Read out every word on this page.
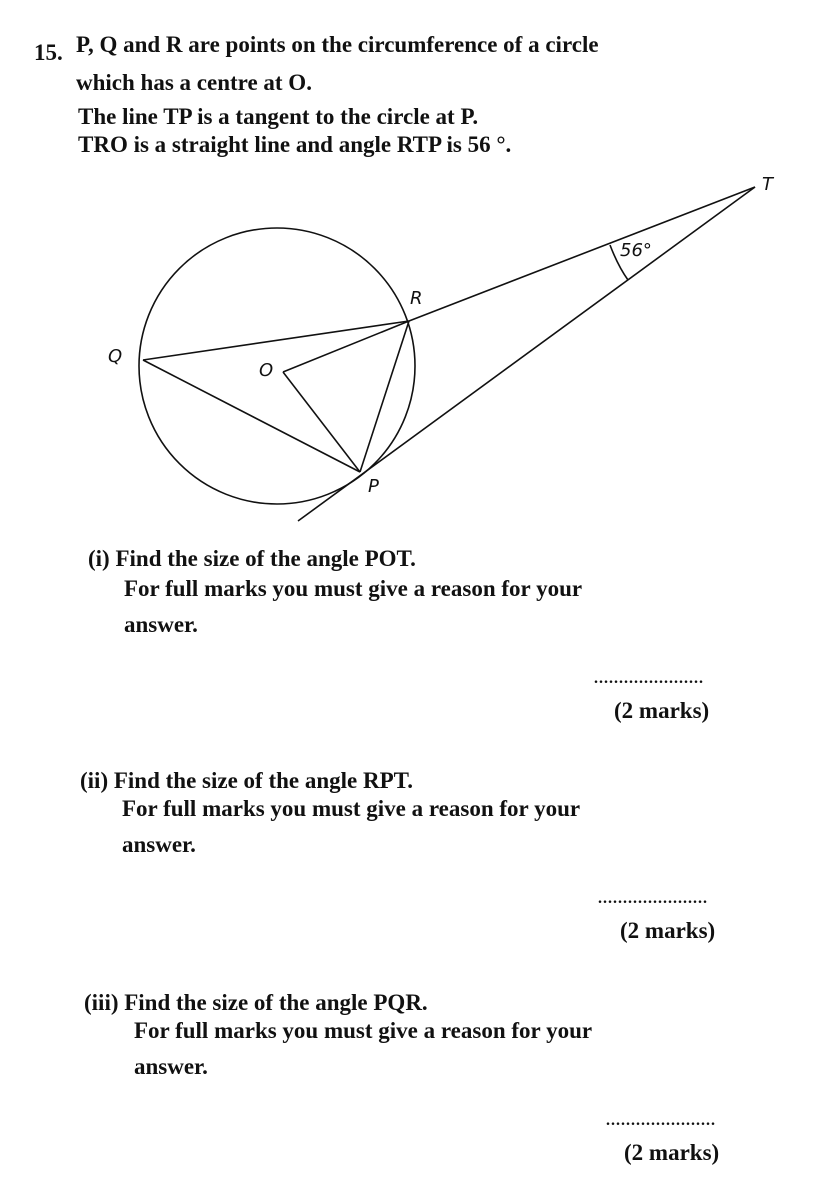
15. P, Q and R are points on the circumference of a circle
which has a centre at O.
The line TP is a tangent to the circle at P.
TRO is a straight line and angle RTP is 56 °.
T
R
Q
O
P
56°
(i) Find the size of the angle POT.
For full marks you must give a reason for your
answer.
......................
(2 marks)
(ii) Find the size of the angle RPT.
For full marks you must give a reason for your
answer.
......................
(2 marks)
(iii) Find the size of the angle PQR.
For full marks you must give a reason for your
answer.
......................
(2 marks)
